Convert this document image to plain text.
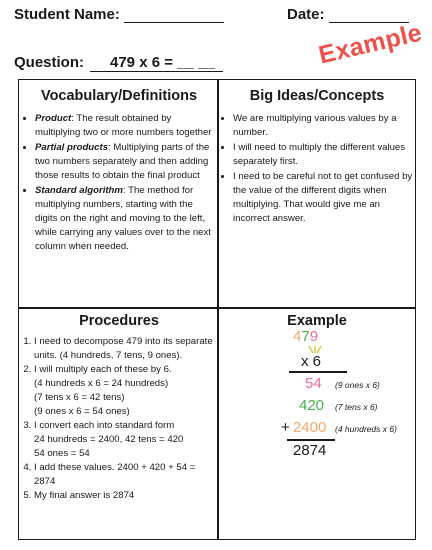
Student Name:	Date:
Example
Question: 479 x 6 = __ __

Vocabulary/Definitions

• Product: The result obtained by multiplying two or more numbers together
• Partial products: Multiplying parts of the two numbers separately and then adding those results to obtain the final product
• Standard algorithm: The method for multiplying numbers, starting with the digits on the right and moving to the left, while carrying any values over to the next column when needed.

Big Ideas/Concepts

• We are multiplying various values by a number.
• I will need to multiply the different values separately first.
• I need to be careful not to get confused by the value of the different digits when multiplying. That would give me an incorrect answer.

Procedures

1. I need to decompose 479 into its separate units. (4 hundreds, 7 tens, 9 ones).
2. I will multiply each of these by 6.
(4 hundreds x 6 = 24 hundreds)
(7 tens x 6 = 42 tens)
(9 ones x 6 = 54 ones)
3. I convert each into standard form
24 hundreds = 2400, 42 tens = 420
54 ones = 54
4. I add these values. 2400 + 420 + 54 = 2874
5. My final answer is 2874

Example

479
x 6
54 (9 ones x 6)
420 (7 tens x 6)
+ 2400 (4 hundreds x 6)
2874
